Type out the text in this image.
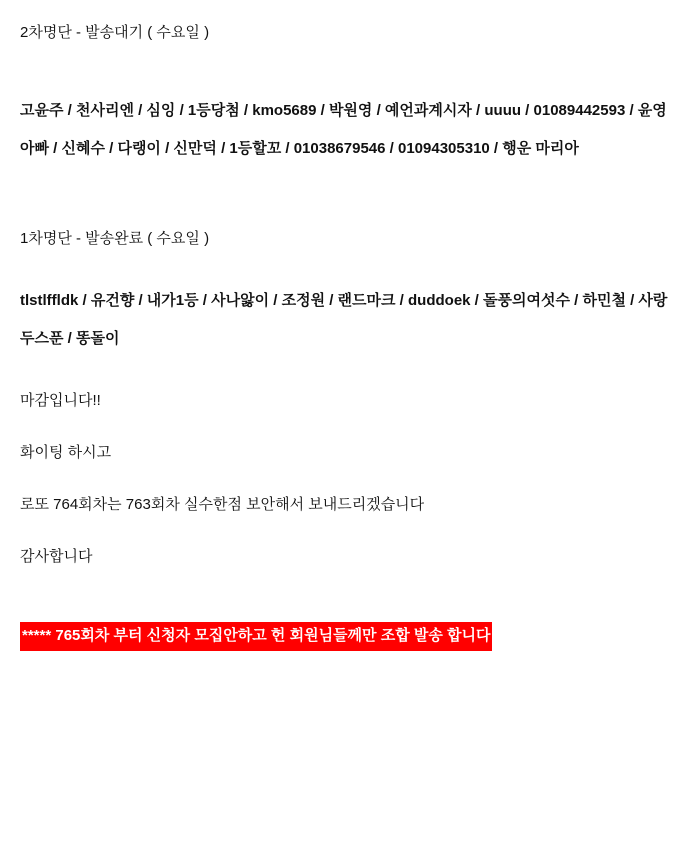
2차명단 - 발송대기 ( 수요일 )

고윤주 / 천사리엔 / 심잉 / 1등당첨 / kmo5689 / 박원영 / 예언과계시자 / uuuu / 01089442593 / 윤영아빠 / 신혜수 / 다랭이 / 신만덕 / 1등할꼬 / 01038679546 / 01094305310 / 행운 마리아

1차명단 - 발송완료 ( 수요일 )

tlstlffldk / 유건향 / 내가1등 / 사나앓이 / 조정원 / 랜드마크 / duddoek / 돌풍의여섯수 / 하민철 / 사랑두스푼 / 똥돌이

마감입니다!!

화이팅 하시고

로또 764회차는 763회차 실수한점 보안해서 보내드리겠습니다

감사합니다

***** 765회차 부터 신청자 모집안하고 헌 회원님들께만 조합 발송 합니다
